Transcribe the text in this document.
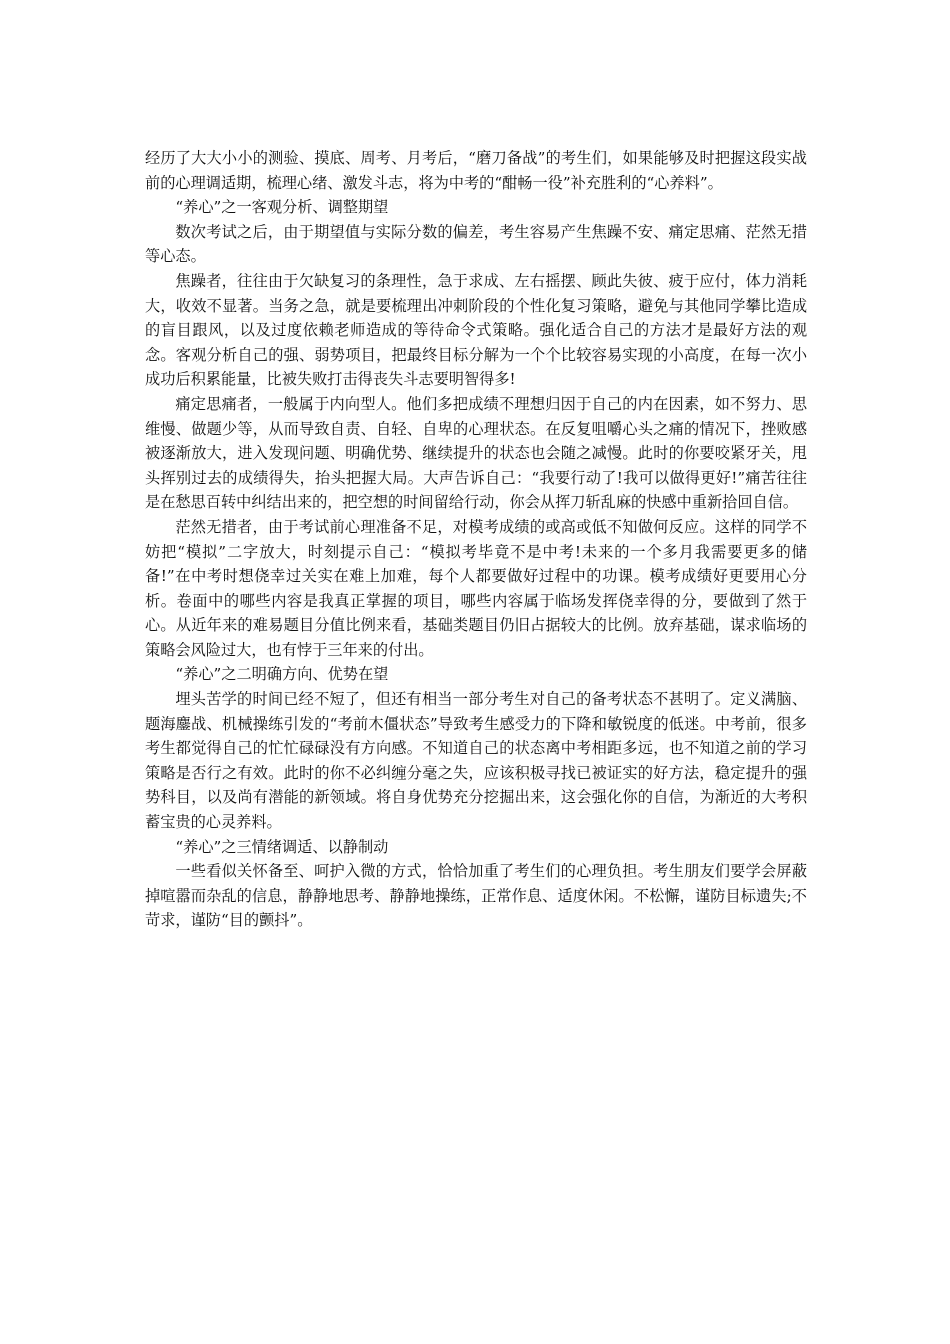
经历了大大小小的测验、摸底、周考、月考后，“磨刀备战”的考生们，如果能够及时把握这段实战前的心理调适期，梳理心绪、激发斗志，将为中考的“酣畅一役”补充胜利的“心养料”。

“养心”之一客观分析、调整期望

数次考试之后，由于期望值与实际分数的偏差，考生容易产生焦躁不安、痛定思痛、茫然无措等心态。

焦躁者，往往由于欠缺复习的条理性，急于求成、左右摇摆、顾此失彼、疲于应付，体力消耗大，收效不显著。当务之急，就是要梳理出冲刺阶段的个性化复习策略，避免与其他同学攀比造成的盲目跟风，以及过度依赖老师造成的等待命令式策略。强化适合自己的方法才是最好方法的观念。客观分析自己的强、弱势项目，把最终目标分解为一个个比较容易实现的小高度，在每一次小成功后积累能量，比被失败打击得丧失斗志要明智得多!

痛定思痛者，一般属于内向型人。他们多把成绩不理想归因于自己的内在因素，如不努力、思维慢、做题少等，从而导致自责、自轻、自卑的心理状态。在反复咀嚼心头之痛的情况下，挫败感被逐渐放大，进入发现问题、明确优势、继续提升的状态也会随之减慢。此时的你要咬紧牙关，甩头挥别过去的成绩得失，抬头把握大局。大声告诉自己：“我要行动了!我可以做得更好!”痛苦往往是在愁思百转中纠结出来的，把空想的时间留给行动，你会从挥刀斩乱麻的快感中重新拾回自信。

茫然无措者，由于考试前心理准备不足，对模考成绩的或高或低不知做何反应。这样的同学不妨把“模拟”二字放大，时刻提示自己：“模拟考毕竟不是中考!未来的一个多月我需要更多的储备!”在中考时想侥幸过关实在难上加难，每个人都要做好过程中的功课。模考成绩好更要用心分析。卷面中的哪些内容是我真正掌握的项目，哪些内容属于临场发挥侥幸得的分，要做到了然于心。从近年来的难易题目分值比例来看，基础类题目仍旧占据较大的比例。放弃基础，谋求临场的策略会风险过大，也有悖于三年来的付出。

“养心”之二明确方向、优势在望

埋头苦学的时间已经不短了，但还有相当一部分考生对自己的备考状态不甚明了。定义满脑、题海鏖战、机械操练引发的“考前木僵状态”导致考生感受力的下降和敏锐度的低迷。中考前，很多考生都觉得自己的忙忙碌碌没有方向感。不知道自己的状态离中考相距多远，也不知道之前的学习策略是否行之有效。此时的你不必纠缠分毫之失，应该积极寻找已被证实的好方法，稳定提升的强势科目，以及尚有潜能的新领域。将自身优势充分挖掘出来，这会强化你的自信，为渐近的大考积蓄宝贵的心灵养料。

“养心”之三情绪调适、以静制动

一些看似关怀备至、呵护入微的方式，恰恰加重了考生们的心理负担。考生朋友们要学会屏蔽掉喧嚣而杂乱的信息，静静地思考、静静地操练，正常作息、适度休闲。不松懈，谨防目标遗失;不苛求，谨防“目的颤抖”。
